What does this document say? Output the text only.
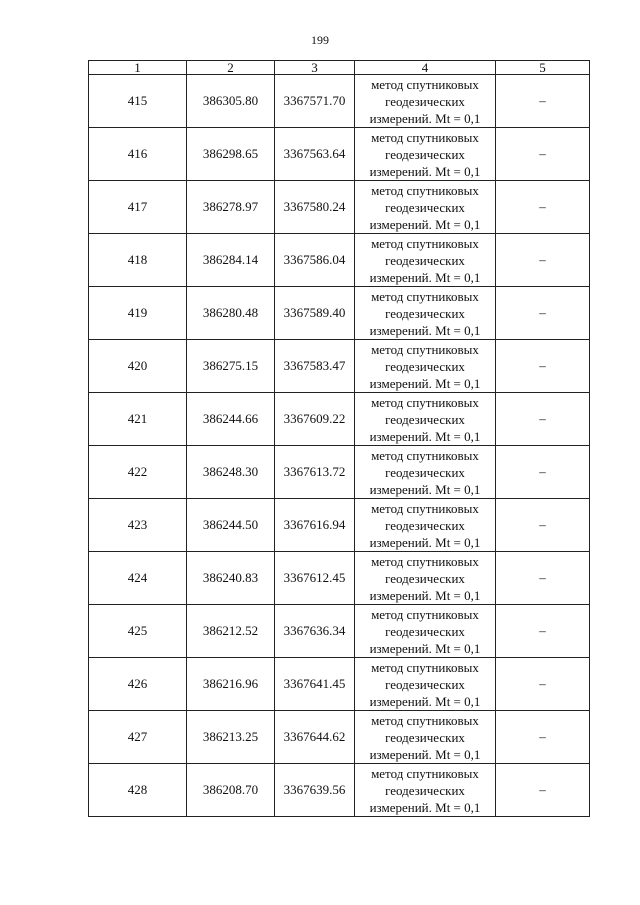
199
1	2	3	4	5
415	386305.80	3367571.70	метод спутниковых
геодезических
измерений. Mt = 0,1	–
416	386298.65	3367563.64	метод спутниковых
геодезических
измерений. Mt = 0,1	–
417	386278.97	3367580.24	метод спутниковых
геодезических
измерений. Mt = 0,1	–
418	386284.14	3367586.04	метод спутниковых
геодезических
измерений. Mt = 0,1	–
419	386280.48	3367589.40	метод спутниковых
геодезических
измерений. Mt = 0,1	–
420	386275.15	3367583.47	метод спутниковых
геодезических
измерений. Mt = 0,1	–
421	386244.66	3367609.22	метод спутниковых
геодезических
измерений. Mt = 0,1	–
422	386248.30	3367613.72	метод спутниковых
геодезических
измерений. Mt = 0,1	–
423	386244.50	3367616.94	метод спутниковых
геодезических
измерений. Mt = 0,1	–
424	386240.83	3367612.45	метод спутниковых
геодезических
измерений. Mt = 0,1	–
425	386212.52	3367636.34	метод спутниковых
геодезических
измерений. Mt = 0,1	–
426	386216.96	3367641.45	метод спутниковых
геодезических
измерений. Mt = 0,1	–
427	386213.25	3367644.62	метод спутниковых
геодезических
измерений. Mt = 0,1	–
428	386208.70	3367639.56	метод спутниковых
геодезических
измерений. Mt = 0,1	–
